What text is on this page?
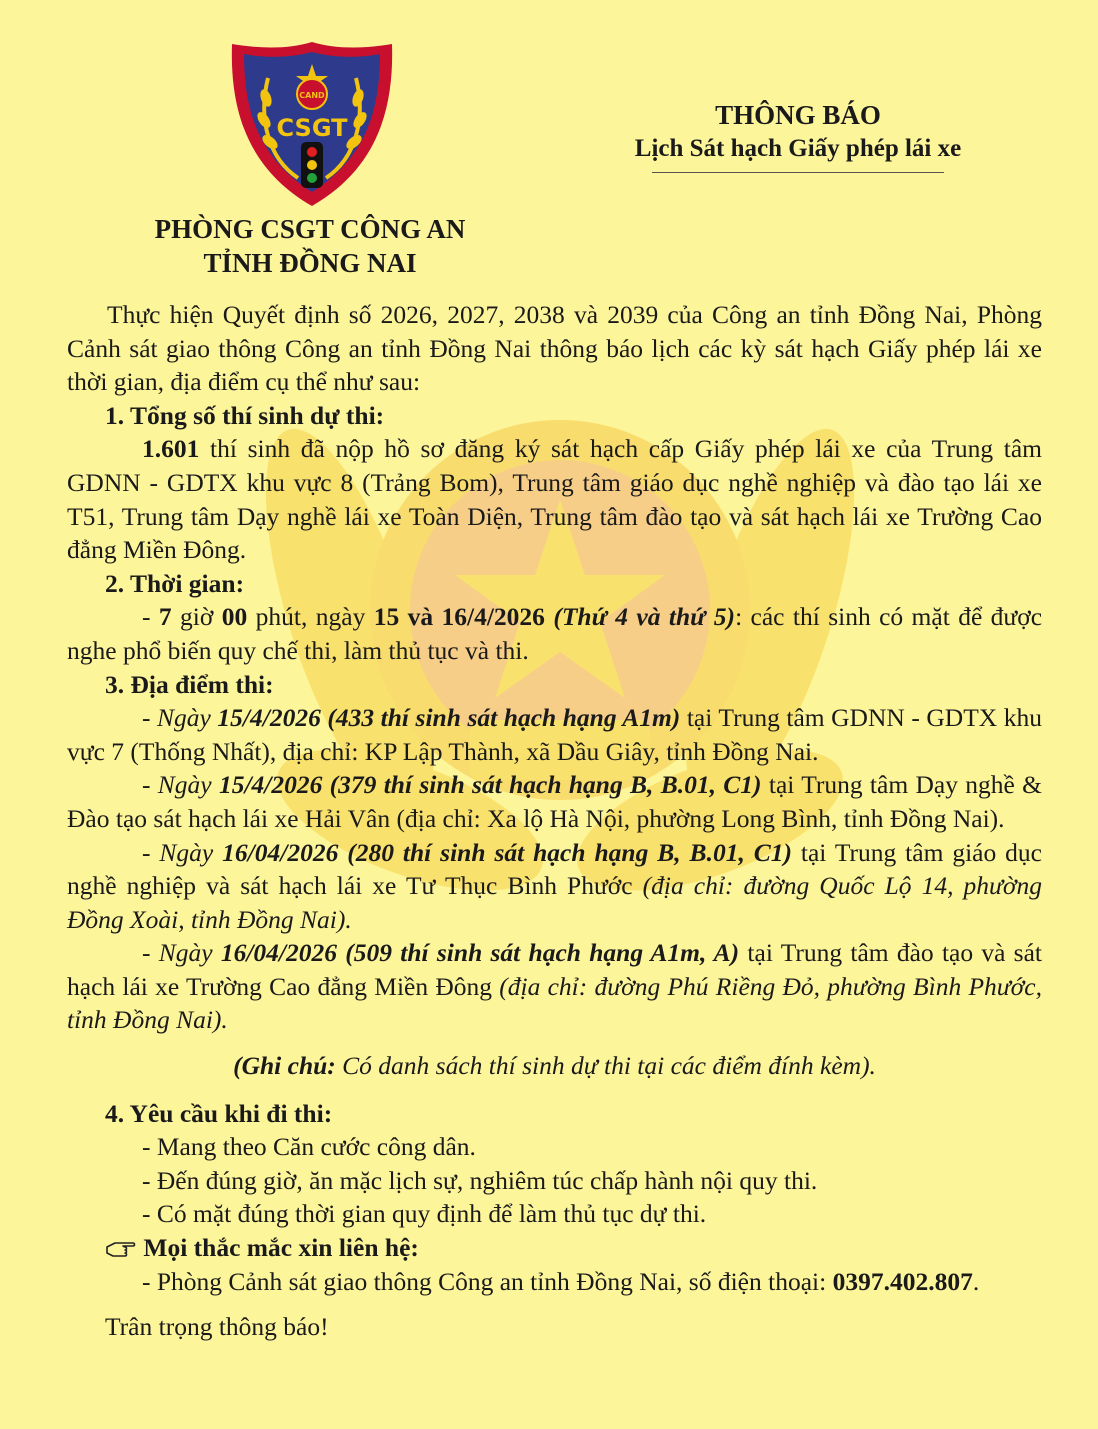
CAND
CSGT
PHÒNG CSGT CÔNG AN
TỈNH ĐỒNG NAI
THÔNG BÁO
Lịch Sát hạch Giấy phép lái xe
Thực hiện Quyết định số 2026, 2027, 2038 và 2039 của Công an tỉnh Đồng Nai, Phòng Cảnh sát giao thông Công an tỉnh Đồng Nai thông báo lịch các kỳ sát hạch Giấy phép lái xe thời gian, địa điểm cụ thể như sau:
1. Tổng số thí sinh dự thi:
1.601 thí sinh đã nộp hồ sơ đăng ký sát hạch cấp Giấy phép lái xe của Trung tâm GDNN - GDTX khu vực 8 (Trảng Bom), Trung tâm giáo dục nghề nghiệp và đào tạo lái xe T51, Trung tâm Dạy nghề lái xe Toàn Diện, Trung tâm đào tạo và sát hạch lái xe Trường Cao đẳng Miền Đông.
2. Thời gian:
- 7 giờ 00 phút, ngày 15 và 16/4/2026 (Thứ 4 và thứ 5): các thí sinh có mặt để được nghe phổ biến quy chế thi, làm thủ tục và thi.
3. Địa điểm thi:
- Ngày 15/4/2026 (433 thí sinh sát hạch hạng A1m) tại Trung tâm GDNN - GDTX khu vực 7 (Thống Nhất), địa chỉ: KP Lập Thành, xã Dầu Giây, tỉnh Đồng Nai.
- Ngày 15/4/2026 (379 thí sinh sát hạch hạng B, B.01, C1) tại Trung tâm Dạy nghề & Đào tạo sát hạch lái xe Hải Vân (địa chỉ: Xa lộ Hà Nội, phường Long Bình, tỉnh Đồng Nai).
- Ngày 16/04/2026 (280 thí sinh sát hạch hạng B, B.01, C1) tại Trung tâm giáo dục nghề nghiệp và sát hạch lái xe Tư Thục Bình Phước (địa chỉ: đường Quốc Lộ 14, phường Đồng Xoài, tỉnh Đồng Nai).
- Ngày 16/04/2026 (509 thí sinh sát hạch hạng A1m, A) tại Trung tâm đào tạo và sát hạch lái xe Trường Cao đẳng Miền Đông (địa chỉ: đường Phú Riềng Đỏ, phường Bình Phước, tỉnh Đồng Nai).
(Ghi chú: Có danh sách thí sinh dự thi tại các điểm đính kèm).
4. Yêu cầu khi đi thi:
- Mang theo Căn cước công dân.
- Đến đúng giờ, ăn mặc lịch sự, nghiêm túc chấp hành nội quy thi.
- Có mặt đúng thời gian quy định để làm thủ tục dự thi.
Mọi thắc mắc xin liên hệ:
- Phòng Cảnh sát giao thông Công an tỉnh Đồng Nai, số điện thoại: 0397.402.807.
Trân trọng thông báo!
